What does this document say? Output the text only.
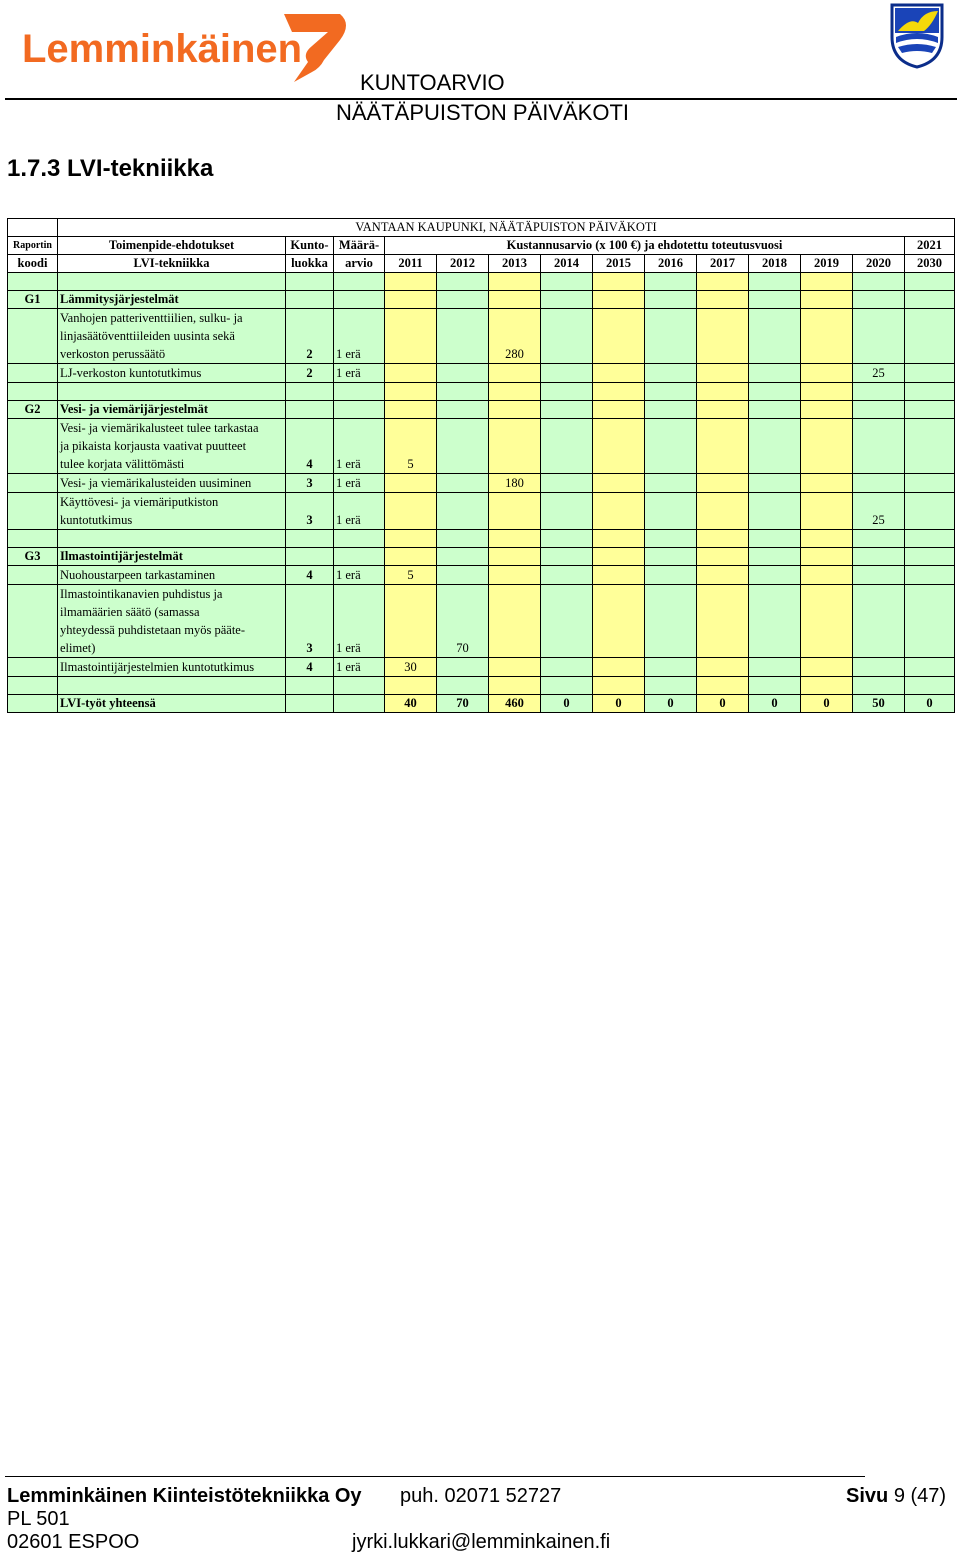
Lemminkäinen
KUNTOARVIO
NÄÄTÄPUISTON PÄIVÄKOTI
1.7.3 LVI-tekniikka
	VANTAAN KAUPUNKI, NÄÄTÄPUISTON PÄIVÄKOTI													
Raportin	Toimenpide-ehdotukset	Kunto-	Määrä-	Kustannusarvio (x 100 €) ja ehdotettu toteutusvuosi										2021
koodi	LVI-tekniikka	luokka	arvio	2011	2012	2013	2014	2015	2016	2017	2018	2019	2020	2030

G1	Lämmitysjärjestelmät													

	Vanhojen patteriventtiilien, sulku- ja
linjasäätöventtiileiden uusinta sekä
verkoston perussäätö	2	1 erä			280								

	LJ-verkoston kuntotutkimus	2	1 erä										25	

G2	Vesi- ja viemärijärjestelmät													

	Vesi- ja viemärikalusteet tulee tarkastaa
ja pikaista korjausta vaativat puutteet
tulee korjata välittömästi	4	1 erä	5										

	Vesi- ja viemärikalusteiden uusiminen	3	1 erä			180								

	Käyttövesi- ja viemäriputkiston
kuntotutkimus	3	1 erä										25	

G3	Ilmastointijärjestelmät													

	Nuohoustarpeen tarkastaminen	4	1 erä	5										

	Ilmastointikanavien puhdistus ja
ilmamäärien säätö (samassa
yhteydessä puhdistetaan myös pääte-
elimet)	3	1 erä		70									

	Ilmastointijärjestelmien kuntotutkimus	4	1 erä	30										

	LVI-työt yhteensä			40	70	460	0	0	0	0	0	0	50	0
Lemminkäinen Kiinteistötekniikka Oy puh. 02071 52727	Sivu 9 (47)
PL 501
02601 ESPOO	jyrki.lukkari@lemminkainen.fi
